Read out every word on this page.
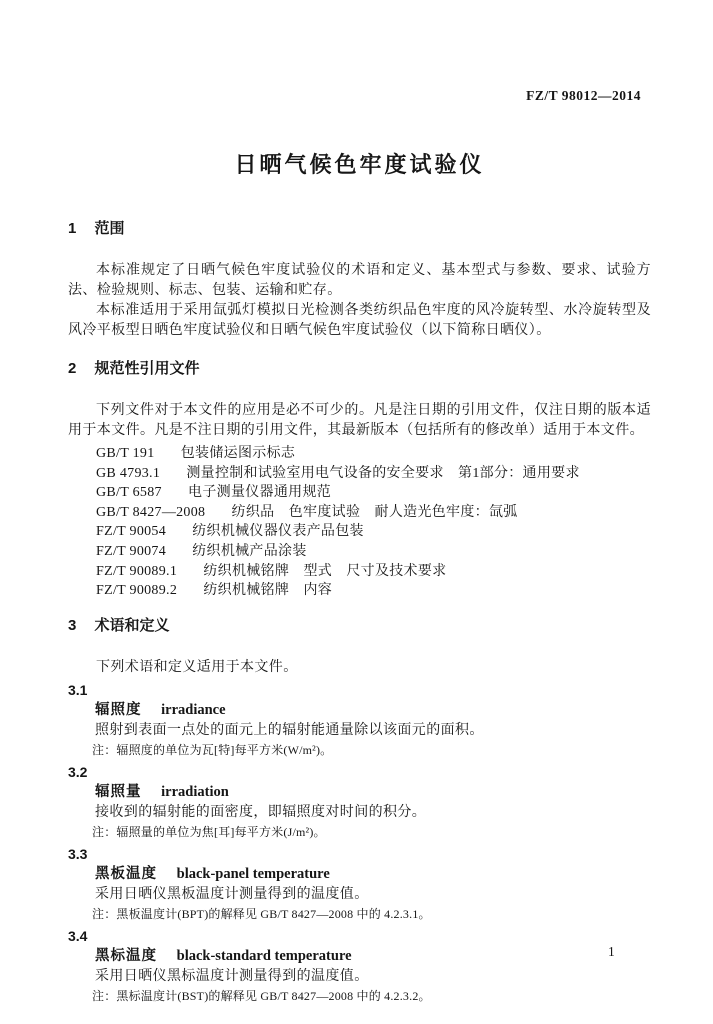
FZ/T 98012—2014
日晒气候色牢度试验仪
1 范围
本标准规定了日晒气候色牢度试验仪的术语和定义、基本型式与参数、要求、试验方法、检验规则、标志、包装、运输和贮存。
本标准适用于采用氙弧灯模拟日光检测各类纺织品色牢度的风冷旋转型、水冷旋转型及风冷平板型日晒色牢度试验仪和日晒气候色牢度试验仪（以下简称日晒仪）。
2 规范性引用文件
下列文件对于本文件的应用是必不可少的。凡是注日期的引用文件，仅注日期的版本适用于本文件。凡是不注日期的引用文件，其最新版本（包括所有的修改单）适用于本文件。
GB/T 191 包装储运图示标志
GB 4793.1 测量控制和试验室用电气设备的安全要求　第1部分：通用要求
GB/T 6587 电子测量仪器通用规范
GB/T 8427—2008 纺织品　色牢度试验　耐人造光色牢度：氙弧
FZ/T 90054 纺织机械仪器仪表产品包装
FZ/T 90074 纺织机械产品涂装
FZ/T 90089.1 纺织机械铭牌　型式　尺寸及技术要求
FZ/T 90089.2 纺织机械铭牌　内容
3 术语和定义
下列术语和定义适用于本文件。
3.1
辐照度 irradiance
照射到表面一点处的面元上的辐射能通量除以该面元的面积。
注：辐照度的单位为瓦[特]每平方米(W/m²)。
3.2
辐照量 irradiation
接收到的辐射能的面密度，即辐照度对时间的积分。
注：辐照量的单位为焦[耳]每平方米(J/m²)。
3.3
黑板温度 black-panel temperature
采用日晒仪黑板温度计测量得到的温度值。
注：黑板温度计(BPT)的解释见 GB/T 8427—2008 中的 4.2.3.1。
3.4
黑标温度 black-standard temperature
采用日晒仪黑标温度计测量得到的温度值。
注：黑标温度计(BST)的解释见 GB/T 8427—2008 中的 4.2.3.2。
1
